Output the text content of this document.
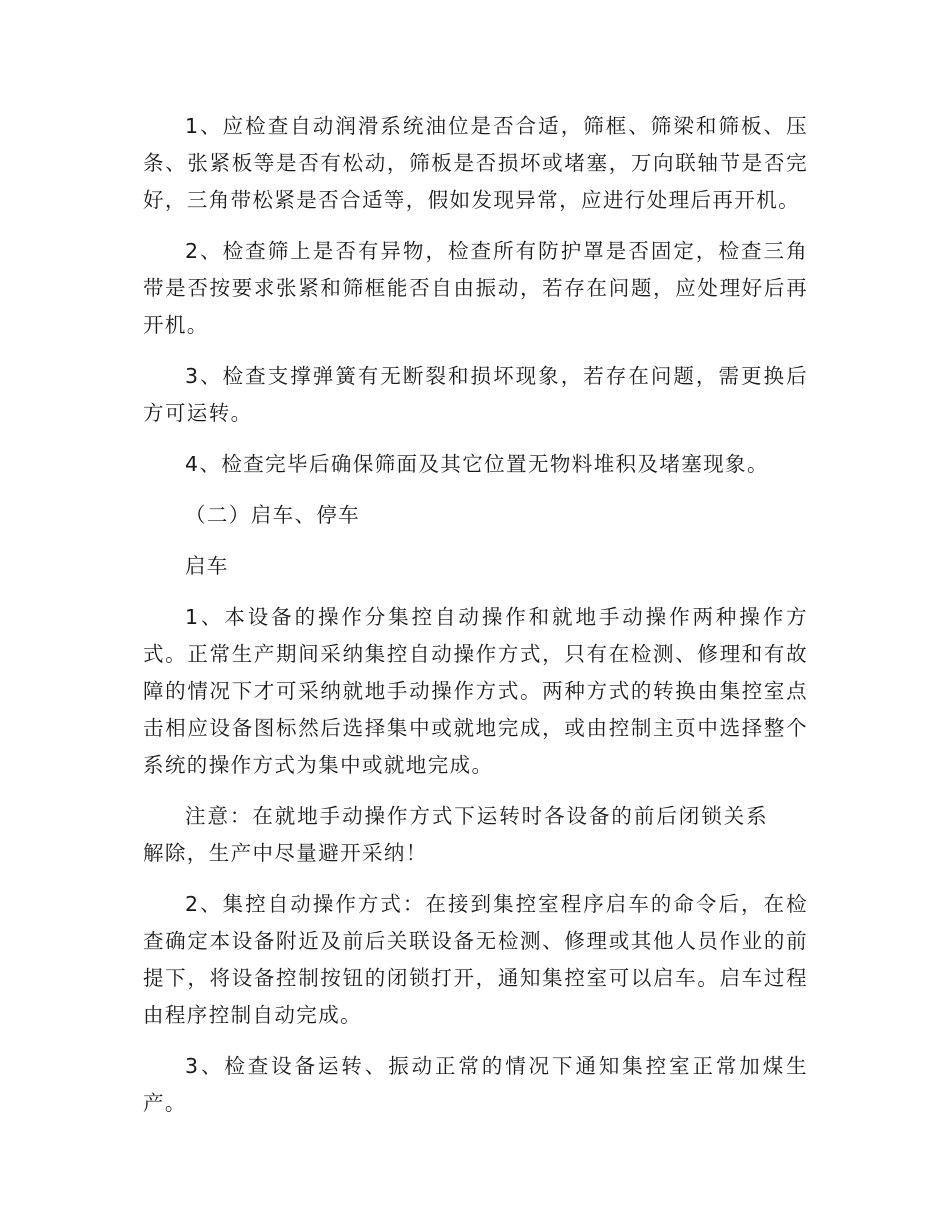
1、应检查自动润滑系统油位是否合适，筛框、筛梁和筛板、压条、张紧板等是否有松动，筛板是否损坏或堵塞，万向联轴节是否完好，三角带松紧是否合适等，假如发现异常，应进行处理后再开机。

2、检查筛上是否有异物，检查所有防护罩是否固定，检查三角带是否按要求张紧和筛框能否自由振动，若存在问题，应处理好后再开机。

3、检查支撑弹簧有无断裂和损坏现象，若存在问题，需更换后方可运转。

4、检查完毕后确保筛面及其它位置无物料堆积及堵塞现象。

（二）启车、停车

启车

1、本设备的操作分集控自动操作和就地手动操作两种操作方式。正常生产期间采纳集控自动操作方式，只有在检测、修理和有故障的情况下才可采纳就地手动操作方式。两种方式的转换由集控室点击相应设备图标然后选择集中或就地完成，或由控制主页中选择整个系统的操作方式为集中或就地完成。

注意：在就地手动操作方式下运转时各设备的前后闭锁关系解除，生产中尽量避开采纳！

2、集控自动操作方式：在接到集控室程序启车的命令后，在检查确定本设备附近及前后关联设备无检测、修理或其他人员作业的前提下，将设备控制按钮的闭锁打开，通知集控室可以启车。启车过程由程序控制自动完成。

3、检查设备运转、振动正常的情况下通知集控室正常加煤生产。
